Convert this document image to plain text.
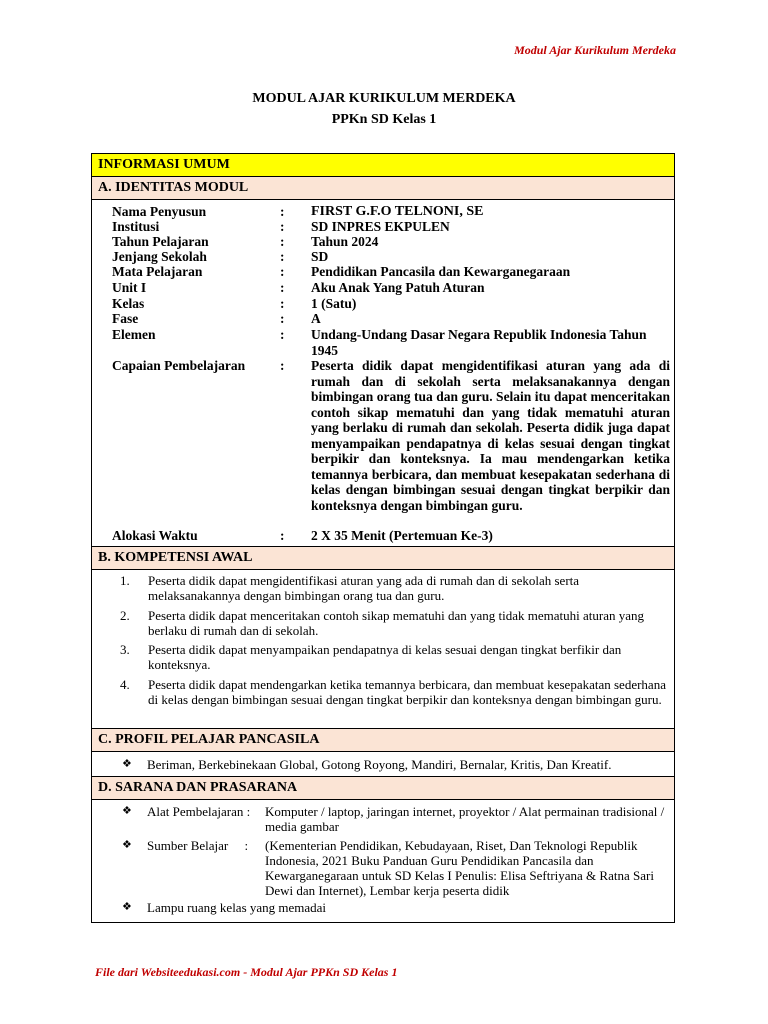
Modul Ajar Kurikulum Merdeka
MODUL AJAR KURIKULUM MERDEKA
PPKn SD Kelas 1
INFORMASI UMUM
A. IDENTITAS MODUL
Nama Penyusun	: FIRST G.F.O TELNONI, SE
Institusi	: SD INPRES EKPULEN
Tahun Pelajaran	: Tahun 2024
Jenjang Sekolah	: SD
Mata Pelajaran	: Pendidikan Pancasila dan Kewarganegaraan
Unit I	: Aku Anak Yang Patuh Aturan
Kelas	: 1 (Satu)
Fase	: A
Elemen	: Undang-Undang Dasar Negara Republik Indonesia Tahun 1945
Capaian Pembelajaran	: Peserta didik dapat mengidentifikasi aturan yang ada di rumah dan di sekolah serta melaksanakannya dengan bimbingan orang tua dan guru. Selain itu dapat menceritakan contoh sikap mematuhi dan yang tidak mematuhi aturan yang berlaku di rumah dan sekolah. Peserta didik juga dapat menyampaikan pendapatnya di kelas sesuai dengan tingkat berpikir dan konteksnya. Ia mau mendengarkan ketika temannya berbicara, dan membuat kesepakatan sederhana di kelas dengan bimbingan sesuai dengan tingkat berpikir dan konteksnya dengan bimbingan guru.
Alokasi Waktu	: 2 X 35 Menit (Pertemuan Ke-3)
B. KOMPETENSI AWAL
1. Peserta didik dapat mengidentifikasi aturan yang ada di rumah dan di sekolah serta melaksanakannya dengan bimbingan orang tua dan guru.
2. Peserta didik dapat menceritakan contoh sikap mematuhi dan yang tidak mematuhi aturan yang berlaku di rumah dan di sekolah.
3. Peserta didik dapat menyampaikan pendapatnya di kelas sesuai dengan tingkat berfikir dan konteksnya.
4. Peserta didik dapat mendengarkan ketika temannya berbicara, dan membuat kesepakatan sederhana di kelas dengan bimbingan sesuai dengan tingkat berpikir dan konteksnya dengan bimbingan guru.
C. PROFIL PELAJAR PANCASILA
❖ Beriman, Berkebinekaan Global, Gotong Royong, Mandiri, Bernalar, Kritis, Dan Kreatif.
D. SARANA DAN PRASARANA
❖ Alat Pembelajaran : Komputer / laptop, jaringan internet, proyektor / Alat permainan tradisional / media gambar
❖ Sumber Belajar     : (Kementerian Pendidikan, Kebudayaan, Riset, Dan Teknologi Republik Indonesia, 2021 Buku Panduan Guru Pendidikan Pancasila dan Kewarganegaraan untuk SD Kelas I Penulis: Elisa Seftriyana & Ratna Sari Dewi dan Internet), Lembar kerja peserta didik
❖ Lampu ruang kelas yang memadai
File dari Websiteedukasi.com - Modul Ajar PPKn SD Kelas 1
